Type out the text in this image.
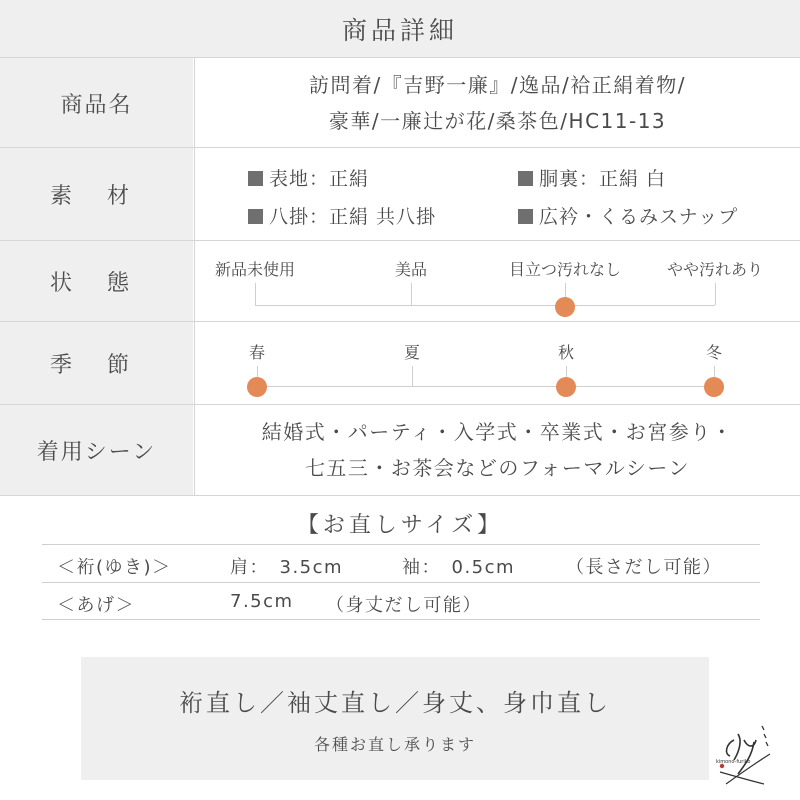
商品詳細
商品名
訪問着/『吉野一廉』/逸品/袷正絹着物/
豪華/一廉辻が花/桑茶色/HC11-13
素 材
表地：正絹	胴裏：正絹 白
八掛：正絹 共八掛	広衿・くるみスナップ
状 態
新品未使用	美品	目立つ汚れなし	やや汚れあり
季 節
春	夏	秋	冬
着用シーン
結婚式・パーティ・入学式・卒業式・お宮参り・
七五三・お茶会などのフォーマルシーン
【お直しサイズ】
＜裄(ゆき)＞	肩：　3.5cm	袖：　0.5cm	（長さだし可能）
＜あげ＞	7.5cm （身丈だし可能）
裄直し／袖丈直し／身丈、身巾直し
各種お直し承ります
kimono-furiko
